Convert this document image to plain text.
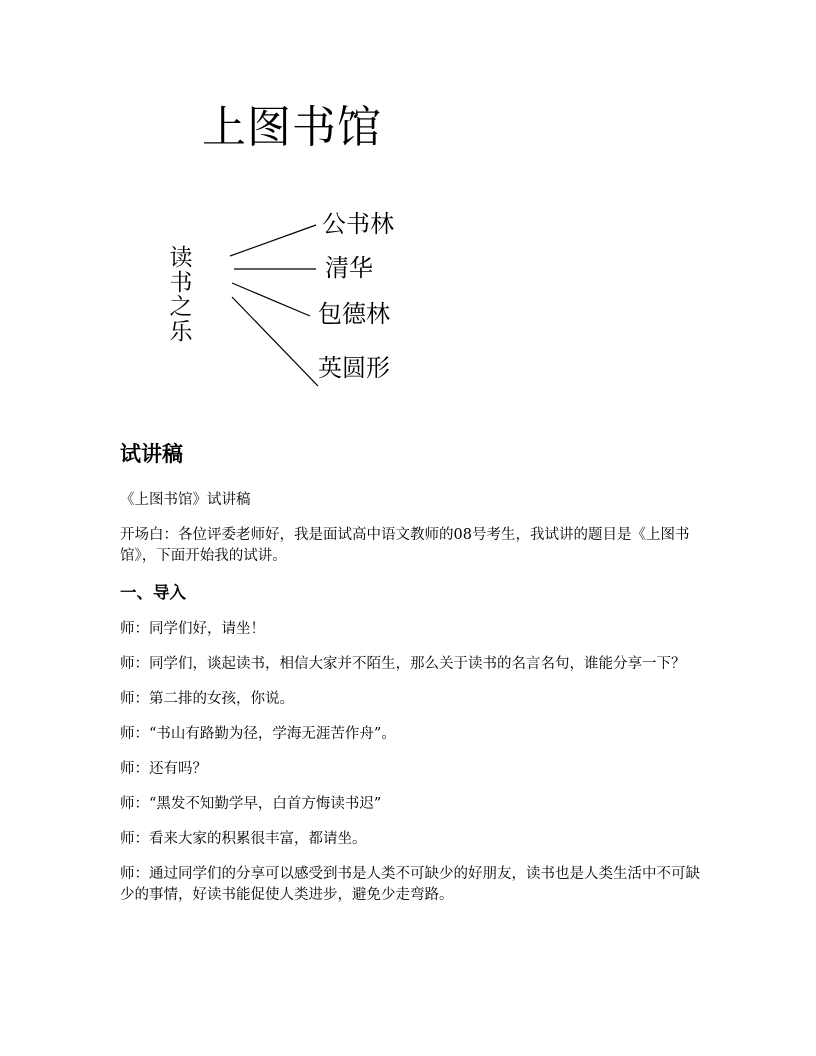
上图书馆
读
书
之
乐
公书林
清华
包德林
英圆形
试讲稿
《上图书馆》试讲稿
开场白：各位评委老师好，我是面试高中语文教师的08号考生，我试讲的题目是《上图书馆》，下面开始我的试讲。
一、导入
师：同学们好，请坐！
师：同学们，谈起读书，相信大家并不陌生，那么关于读书的名言名句，谁能分享一下？
师：第二排的女孩，你说。
师：“书山有路勤为径，学海无涯苦作舟”。
师：还有吗？
师：“黑发不知勤学早，白首方悔读书迟”
师：看来大家的积累很丰富，都请坐。
师：通过同学们的分享可以感受到书是人类不可缺少的好朋友，读书也是人类生活中不可缺少的事情，好读书能促使人类进步，避免少走弯路。
